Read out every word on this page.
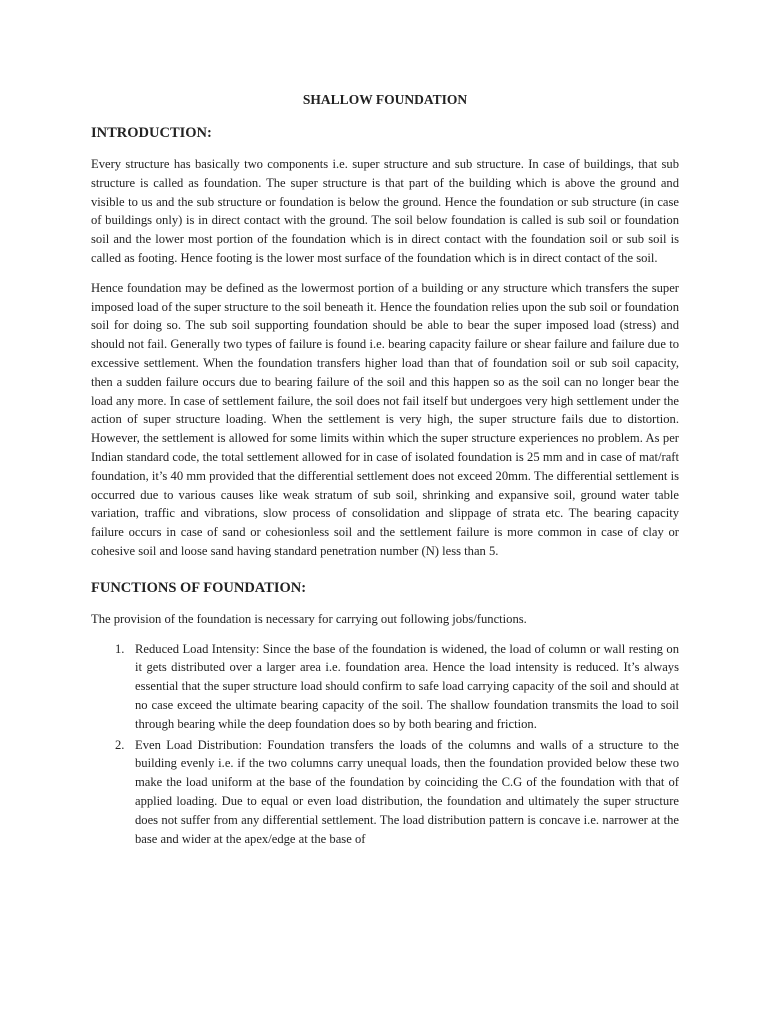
SHALLOW FOUNDATION
INTRODUCTION:

Every structure has basically two components i.e. super structure and sub structure. In case of buildings, that sub structure is called as foundation. The super structure is that part of the building which is above the ground and visible to us and the sub structure or foundation is below the ground. Hence the foundation or sub structure (in case of buildings only) is in direct contact with the ground. The soil below foundation is called is sub soil or foundation soil and the lower most portion of the foundation which is in direct contact with the foundation soil or sub soil is called as footing. Hence footing is the lower most surface of the foundation which is in direct contact of the soil.

Hence foundation may be defined as the lowermost portion of a building or any structure which transfers the super imposed load of the super structure to the soil beneath it. Hence the foundation relies upon the sub soil or foundation soil for doing so. The sub soil supporting foundation should be able to bear the super imposed load (stress) and should not fail. Generally two types of failure is found i.e. bearing capacity failure or shear failure and failure due to excessive settlement. When the foundation transfers higher load than that of foundation soil or sub soil capacity, then a sudden failure occurs due to bearing failure of the soil and this happen so as the soil can no longer bear the load any more. In case of settlement failure, the soil does not fail itself but undergoes very high settlement under the action of super structure loading. When the settlement is very high, the super structure fails due to distortion. However, the settlement is allowed for some limits within which the super structure experiences no problem. As per Indian standard code, the total settlement allowed for in case of isolated foundation is 25 mm and in case of mat/raft foundation, it’s 40 mm provided that the differential settlement does not exceed 20mm. The differential settlement is occurred due to various causes like weak stratum of sub soil, shrinking and expansive soil, ground water table variation, traffic and vibrations, slow process of consolidation and slippage of strata etc. The bearing capacity failure occurs in case of sand or cohesionless soil and the settlement failure is more common in case of clay or cohesive soil and loose sand having standard penetration number (N) less than 5.

FUNCTIONS OF FOUNDATION:

The provision of the foundation is necessary for carrying out following jobs/functions.

1. Reduced Load Intensity: Since the base of the foundation is widened, the load of column or wall resting on it gets distributed over a larger area i.e. foundation area. Hence the load intensity is reduced. It’s always essential that the super structure load should confirm to safe load carrying capacity of the soil and should at no case exceed the ultimate bearing capacity of the soil. The shallow foundation transmits the load to soil through bearing while the deep foundation does so by both bearing and friction.
2. Even Load Distribution: Foundation transfers the loads of the columns and walls of a structure to the building evenly i.e. if the two columns carry unequal loads, then the foundation provided below these two make the load uniform at the base of the foundation by coinciding the C.G of the foundation with that of applied loading. Due to equal or even load distribution, the foundation and ultimately the super structure does not suffer from any differential settlement. The load distribution pattern is concave i.e. narrower at the base and wider at the apex/edge at the base of
